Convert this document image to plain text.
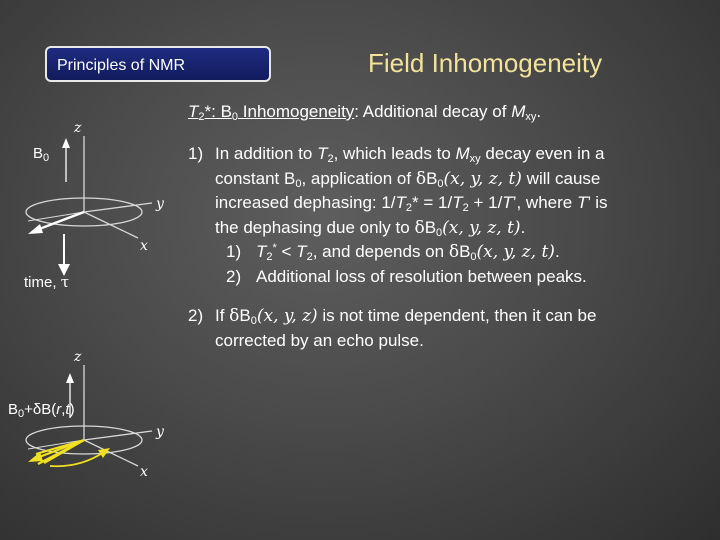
Principles of NMR	Field Inhomogeneity
$T_2*$: $B_0$ Inhomogeneity: Additional decay of $M_{xy}$.
$B_0$
z
y
x
time, τ
z
$B_0+\delta B(r,t)$
y
x
1) In addition to $T_2$, which leads to $M_{xy}$ decay even in a
constant $B_0$, application of $\delta B_0(x$, y, z, t) will cause
increased dephasing: $1/T_2* = 1/T_2 + 1/T$’, where T’ is
the dephasing due only to $\delta B_0(x$, y, z, t).
1) $T_2^* < T_2$, and depends on $\delta B_0(x$, y, z, t).
2) Additional loss of resolution between peaks.
2) If $\delta B_0(x$, y, z) is not time dependent, then it can be
corrected by an echo pulse.
